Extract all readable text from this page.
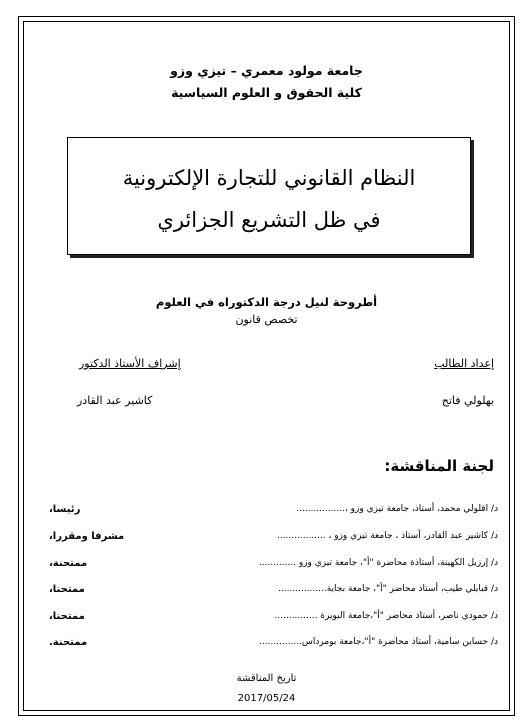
جامعة مولود معمري – تيزي وزو
كلية الحقوق و العلوم السياسية
النظام القانوني للتجارة الإلكترونية
في ظل التشريع الجزائري
أطروحة لنيل درجة الدكتوراه في العلوم
تخصص قانون
إعداد الطالب
إشراف الأستاذ الدكتور
بهلولي فاتح
كاشير عبد القادر
لجنة المناقشة:
د/ اقلولي محمد، أستاذ، جامعة تيزي وزو ،.................
رئيسا،
د/ كاشير عبد القادر، أستاذ ، جامعة تيزي وزو ، .................
مشرفا ومقررا،
د/ إرزيل الكهينة، أستاذة محاضرة "أ"، جامعة تيزي وزو .............
ممتحنة،
د/ قبايلي طيب، أستاذ محاضر "أ"، جامعة بجاية.................
ممتحنا،
د/ حمودي ناصر، أستاذ محاضر "أ"،جامعة البويرة ...............
ممتحنا،
د/ حساين سامية، أستاذ محاضرة "أ"،جامعة بومرداس...............
ممتحنة.
تاريخ المناقشة
2017/05/24
